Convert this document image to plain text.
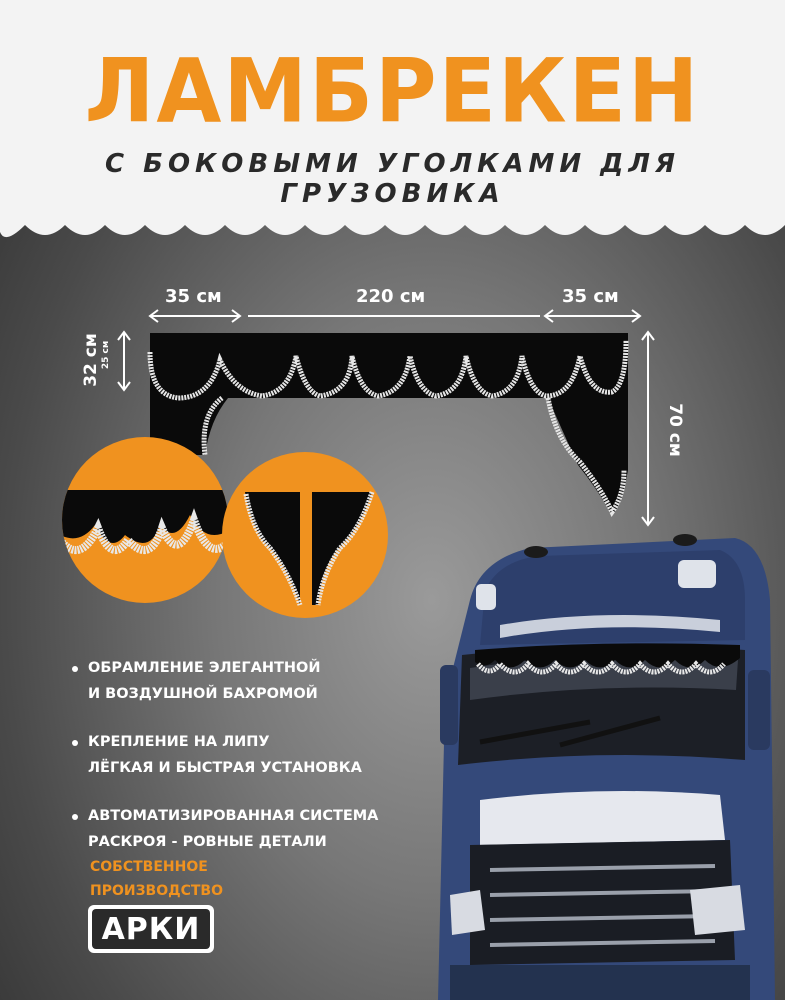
ЛАМБРЕКЕН
С БОКОВЫМИ УГОЛКАМИ ДЛЯ ГРУЗОВИКА
35 см	220 см	35 см
32 см 25 см
70 см
ОБРАМЛЕНИЕ ЭЛЕГАНТНОЙ
И ВОЗДУШНОЙ БАХРОМОЙ
КРЕПЛЕНИЕ НА ЛИПУ
ЛЁГКАЯ И БЫСТРАЯ УСТАНОВКА
АВТОМАТИЗИРОВАННАЯ СИСТЕМА
РАСКРОЯ - РОВНЫЕ ДЕТАЛИ
СОБСТВЕННОЕ
ПРОИЗВОДСТВО
АРКИ
